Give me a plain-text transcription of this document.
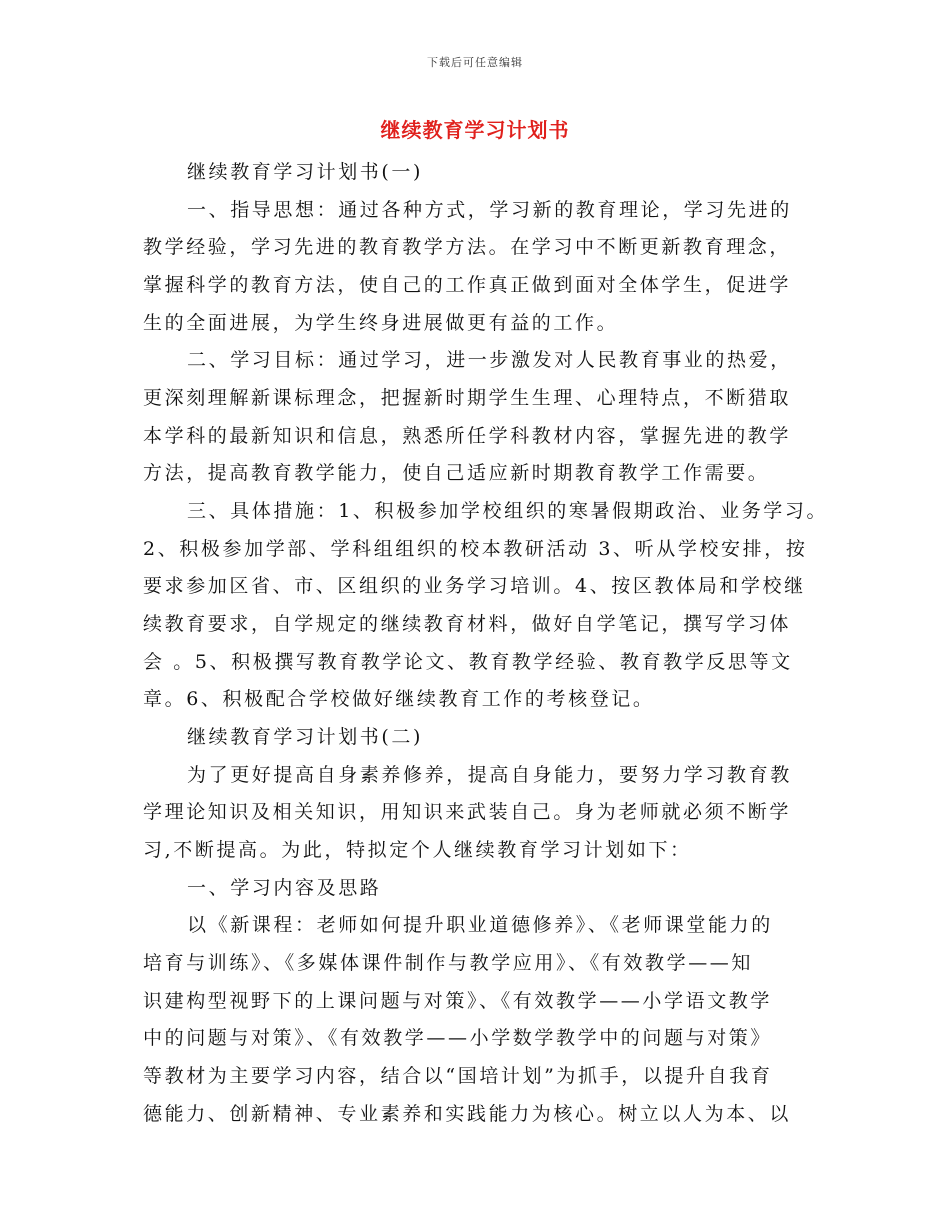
下载后可任意编辑
继续教育学习计划书
继续教育学习计划书(一)
一、指导思想：通过各种方式，学习新的教育理论，学习先进的
教学经验，学习先进的教育教学方法。在学习中不断更新教育理念，
掌握科学的教育方法，使自己的工作真正做到面对全体学生，促进学
生的全面进展，为学生终身进展做更有益的工作。
二、学习目标：通过学习，进一步激发对人民教育事业的热爱，
更深刻理解新课标理念，把握新时期学生生理、心理特点，不断猎取
本学科的最新知识和信息，熟悉所任学科教材内容，掌握先进的教学
方法，提高教育教学能力，使自己适应新时期教育教学工作需要。
三、具体措施：1、积极参加学校组织的寒暑假期政治、业务学习。
2、积极参加学部、学科组组织的校本教研活动 3、听从学校安排，按
要求参加区省、市、区组织的业务学习培训。4、按区教体局和学校继
续教育要求，自学规定的继续教育材料，做好自学笔记，撰写学习体
会 。5、积极撰写教育教学论文、教育教学经验、教育教学反思等文
章。6、积极配合学校做好继续教育工作的考核登记。
继续教育学习计划书(二)
为了更好提高自身素养修养，提高自身能力，要努力学习教育教
学理论知识及相关知识，用知识来武装自己。身为老师就必须不断学
习,不断提高。为此，特拟定个人继续教育学习计划如下：
一、学习内容及思路
以《新课程：老师如何提升职业道德修养》、《老师课堂能力的
培育与训练》、《多媒体课件制作与教学应用》、《有效教学——知
识建构型视野下的上课问题与对策》、《有效教学——小学语文教学
中的问题与对策》、《有效教学——小学数学教学中的问题与对策》
等教材为主要学习内容，结合以“国培计划”为抓手，以提升自我育
德能力、创新精神、专业素养和实践能力为核心。树立以人为本、以
